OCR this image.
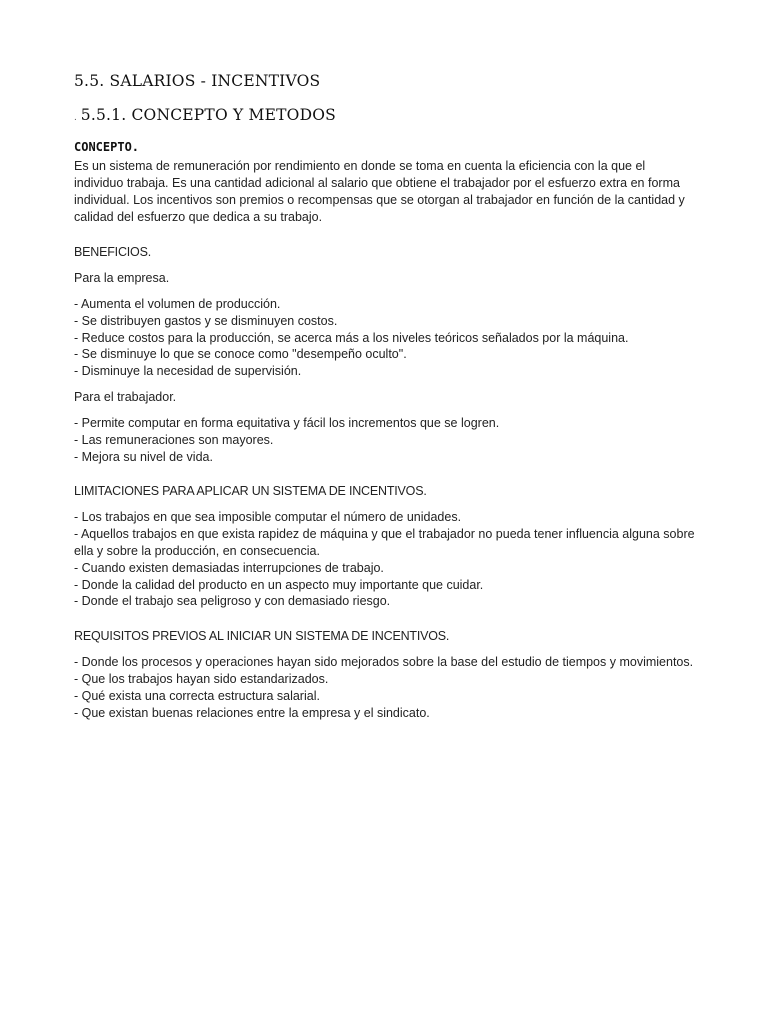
5.5. SALARIOS - INCENTIVOS
. 5.5.1. CONCEPTO Y METODOS
CONCEPTO.

Es un sistema de remuneración por rendimiento en donde se toma en cuenta la eficiencia con la que el individuo trabaja. Es una cantidad adicional al salario que obtiene el trabajador por el esfuerzo extra en forma individual. Los incentivos son premios o recompensas que se otorgan al trabajador en función de la cantidad y calidad del esfuerzo que dedica a su trabajo.

BENEFICIOS.
Para la empresa.
- Aumenta el volumen de producción.
- Se distribuyen gastos y se disminuyen costos.
- Reduce costos para la producción, se acerca más a los niveles teóricos señalados por la máquina.
- Se disminuye lo que se conoce como "desempeño oculto".
- Disminuye la necesidad de supervisión.
Para el trabajador.
- Permite computar en forma equitativa y fácil los incrementos que se logren.
- Las remuneraciones son mayores.
- Mejora su nivel de vida.
LIMITACIONES PARA APLICAR UN SISTEMA DE INCENTIVOS.
- Los trabajos en que sea imposible computar el número de unidades.
- Aquellos trabajos en que exista rapidez de máquina y que el trabajador no pueda tener influencia alguna sobre ella y sobre la producción, en consecuencia.
- Cuando existen demasiadas interrupciones de trabajo.
- Donde la calidad del producto en un aspecto muy importante que cuidar.
- Donde el trabajo sea peligroso y con demasiado riesgo.
REQUISITOS PREVIOS AL INICIAR UN SISTEMA DE INCENTIVOS.
- Donde los procesos y operaciones hayan sido mejorados sobre la base del estudio de tiempos y movimientos.
- Que los trabajos hayan sido estandarizados.
- Qué exista una correcta estructura salarial.
- Que existan buenas relaciones entre la empresa y el sindicato.
